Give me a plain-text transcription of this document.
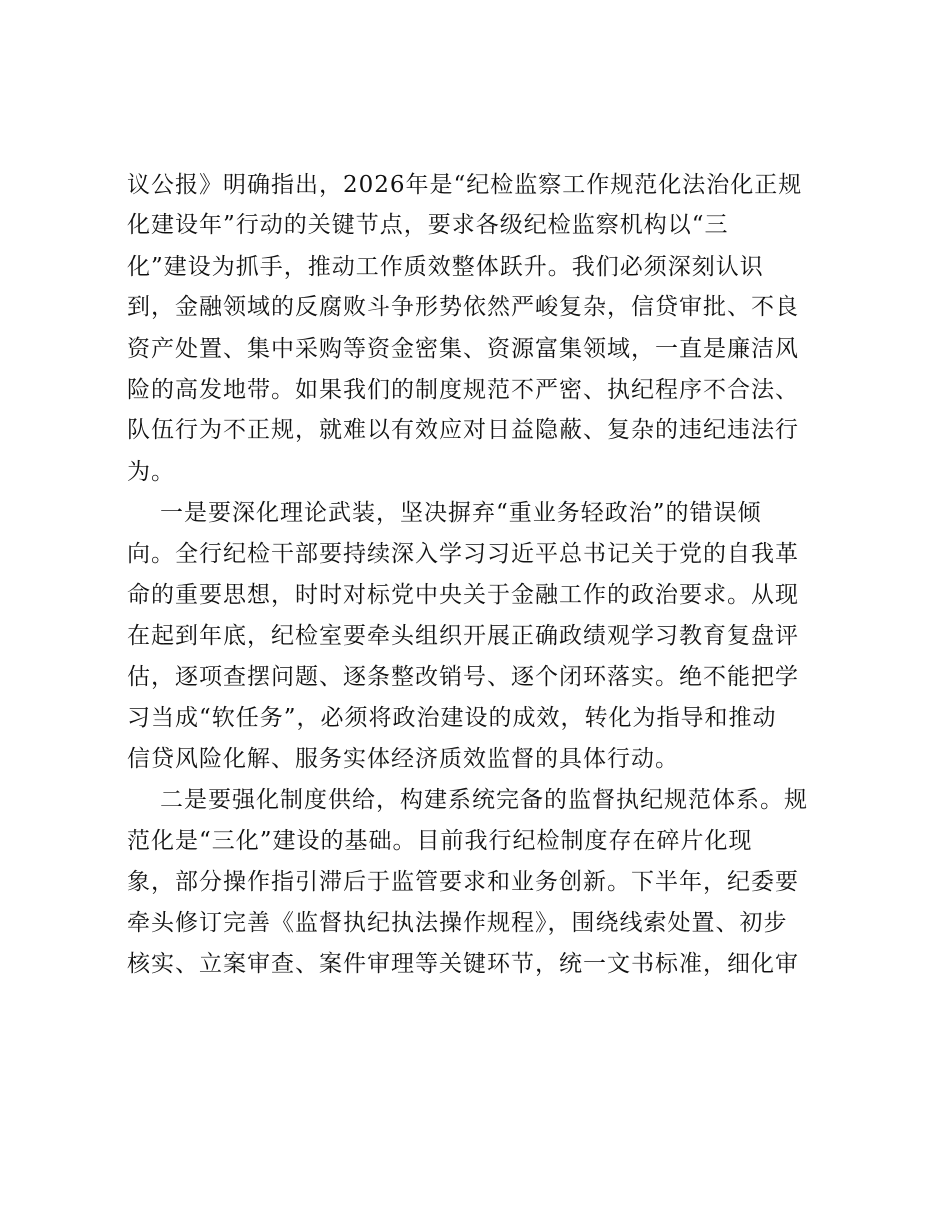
议公报》明确指出，2026年是“纪检监察工作规范化法治化正规
化建设年”行动的关键节点，要求各级纪检监察机构以“三
化”建设为抓手，推动工作质效整体跃升。我们必须深刻认识
到，金融领域的反腐败斗争形势依然严峻复杂，信贷审批、不良
资产处置、集中采购等资金密集、资源富集领域，一直是廉洁风
险的高发地带。如果我们的制度规范不严密、执纪程序不合法、
队伍行为不正规，就难以有效应对日益隐蔽、复杂的违纪违法行
为。
一是要深化理论武装，坚决摒弃“重业务轻政治”的错误倾
向。全行纪检干部要持续深入学习习近平总书记关于党的自我革
命的重要思想，时时对标党中央关于金融工作的政治要求。从现
在起到年底，纪检室要牵头组织开展正确政绩观学习教育复盘评
估，逐项查摆问题、逐条整改销号、逐个闭环落实。绝不能把学
习当成“软任务”，必须将政治建设的成效，转化为指导和推动
信贷风险化解、服务实体经济质效监督的具体行动。
二是要强化制度供给，构建系统完备的监督执纪规范体系。规
范化是“三化”建设的基础。目前我行纪检制度存在碎片化现
象，部分操作指引滞后于监管要求和业务创新。下半年，纪委要
牵头修订完善《监督执纪执法操作规程》，围绕线索处置、初步
核实、立案审查、案件审理等关键环节，统一文书标准，细化审
